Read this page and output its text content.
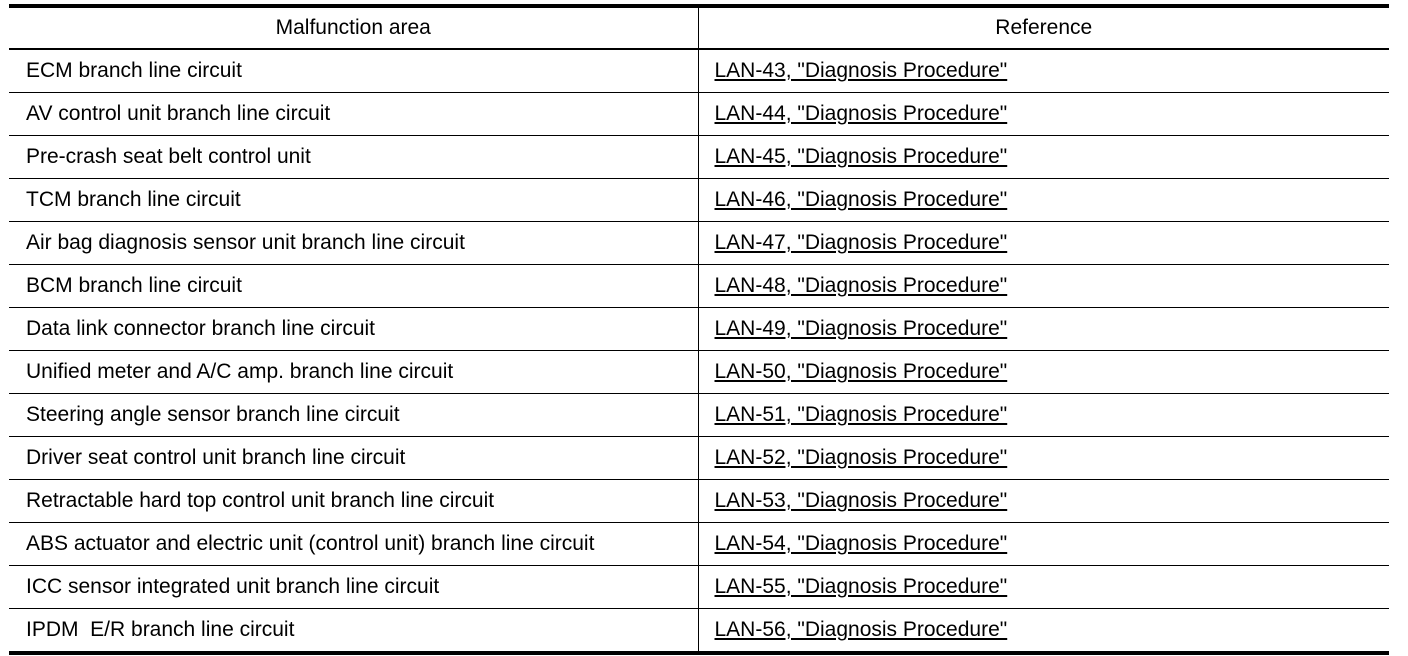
Malfunction area	Reference
ECM branch line circuit	LAN-43, "Diagnosis Procedure"
AV control unit branch line circuit	LAN-44, "Diagnosis Procedure"
Pre-crash seat belt control unit	LAN-45, "Diagnosis Procedure"
TCM branch line circuit	LAN-46, "Diagnosis Procedure"
Air bag diagnosis sensor unit branch line circuit	LAN-47, "Diagnosis Procedure"
BCM branch line circuit	LAN-48, "Diagnosis Procedure"
Data link connector branch line circuit	LAN-49, "Diagnosis Procedure"
Unified meter and A/C amp. branch line circuit	LAN-50, "Diagnosis Procedure"
Steering angle sensor branch line circuit	LAN-51, "Diagnosis Procedure"
Driver seat control unit branch line circuit	LAN-52, "Diagnosis Procedure"
Retractable hard top control unit branch line circuit	LAN-53, "Diagnosis Procedure"
ABS actuator and electric unit (control unit) branch line circuit	LAN-54, "Diagnosis Procedure"
ICC sensor integrated unit branch line circuit	LAN-55, "Diagnosis Procedure"
IPDM  E/R branch line circuit	LAN-56, "Diagnosis Procedure"
